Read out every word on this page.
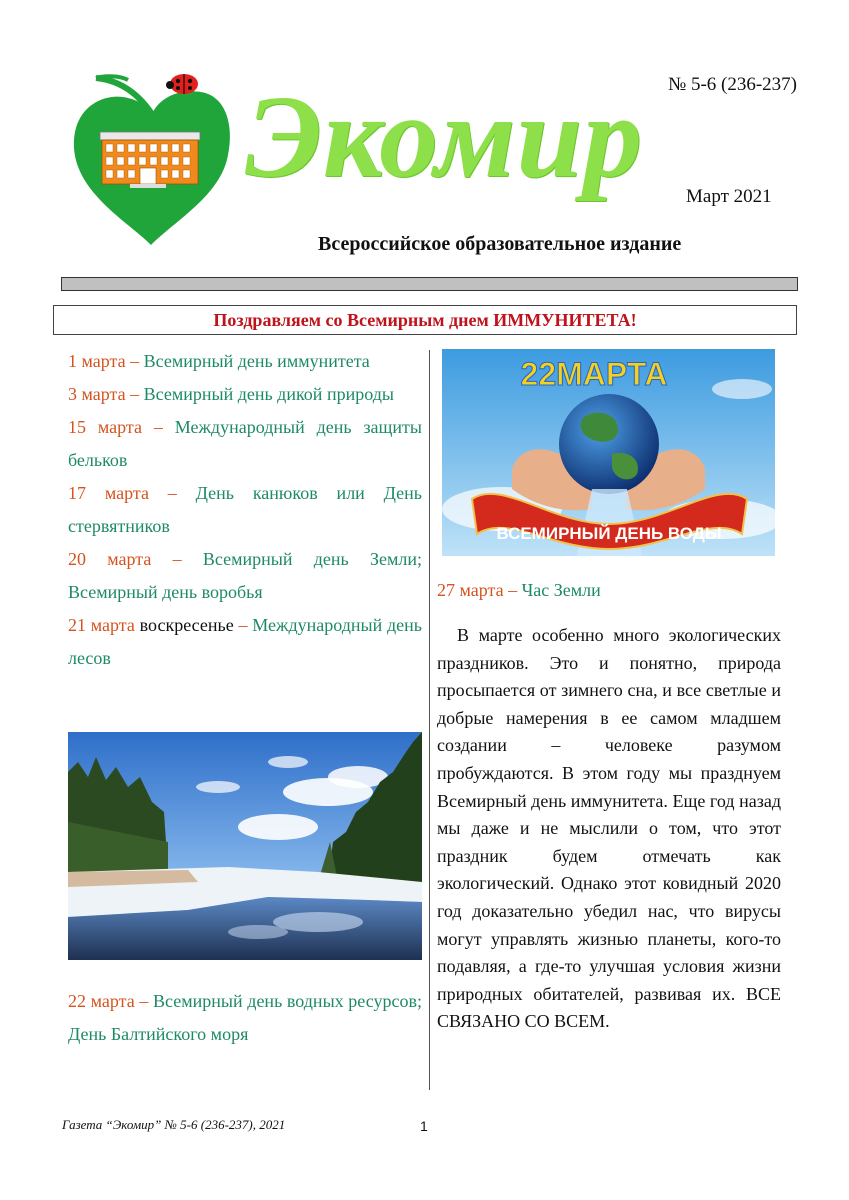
Экомир № 5-6 (236-237)
Март 2021
Всероссийское образовательное издание
Поздравляем со Всемирным днем ИММУНИТЕТА!

1 марта – Всемирный день иммунитета

3 марта – Всемирный день дикой природы

15 марта – Международный день защиты бельков

17 марта – День канюков или День стервятников

20 марта – Всемирный день Земли; Всемирный день воробья

21 марта воскресенье – Международный день лесов

22 марта – Всемирный день водных ресурсов; День Балтийского моря

22МАРТА
ВСЕМИРНЫЙ ДЕНЬ ВОДЫ

27 марта – Час Земли

В марте особенно много экологических праздников. Это и понятно, природа просыпается от зимнего сна, и все светлые и добрые намерения в ее самом младшем создании – человеке разумом пробуждаются. В этом году мы празднуем Всемирный день иммунитета. Еще год назад мы даже и не мыслили о том, что этот праздник будем отмечать как экологический. Однако этот ковидный 2020 год доказательно убедил нас, что вирусы могут управлять жизнью планеты, кого-то подавляя, а где-то улучшая условия жизни природных обитателей, развивая их. ВСЕ СВЯЗАНО СО ВСЕМ.

Газета “Экомир” № 5-6 (236-237), 2021	1
